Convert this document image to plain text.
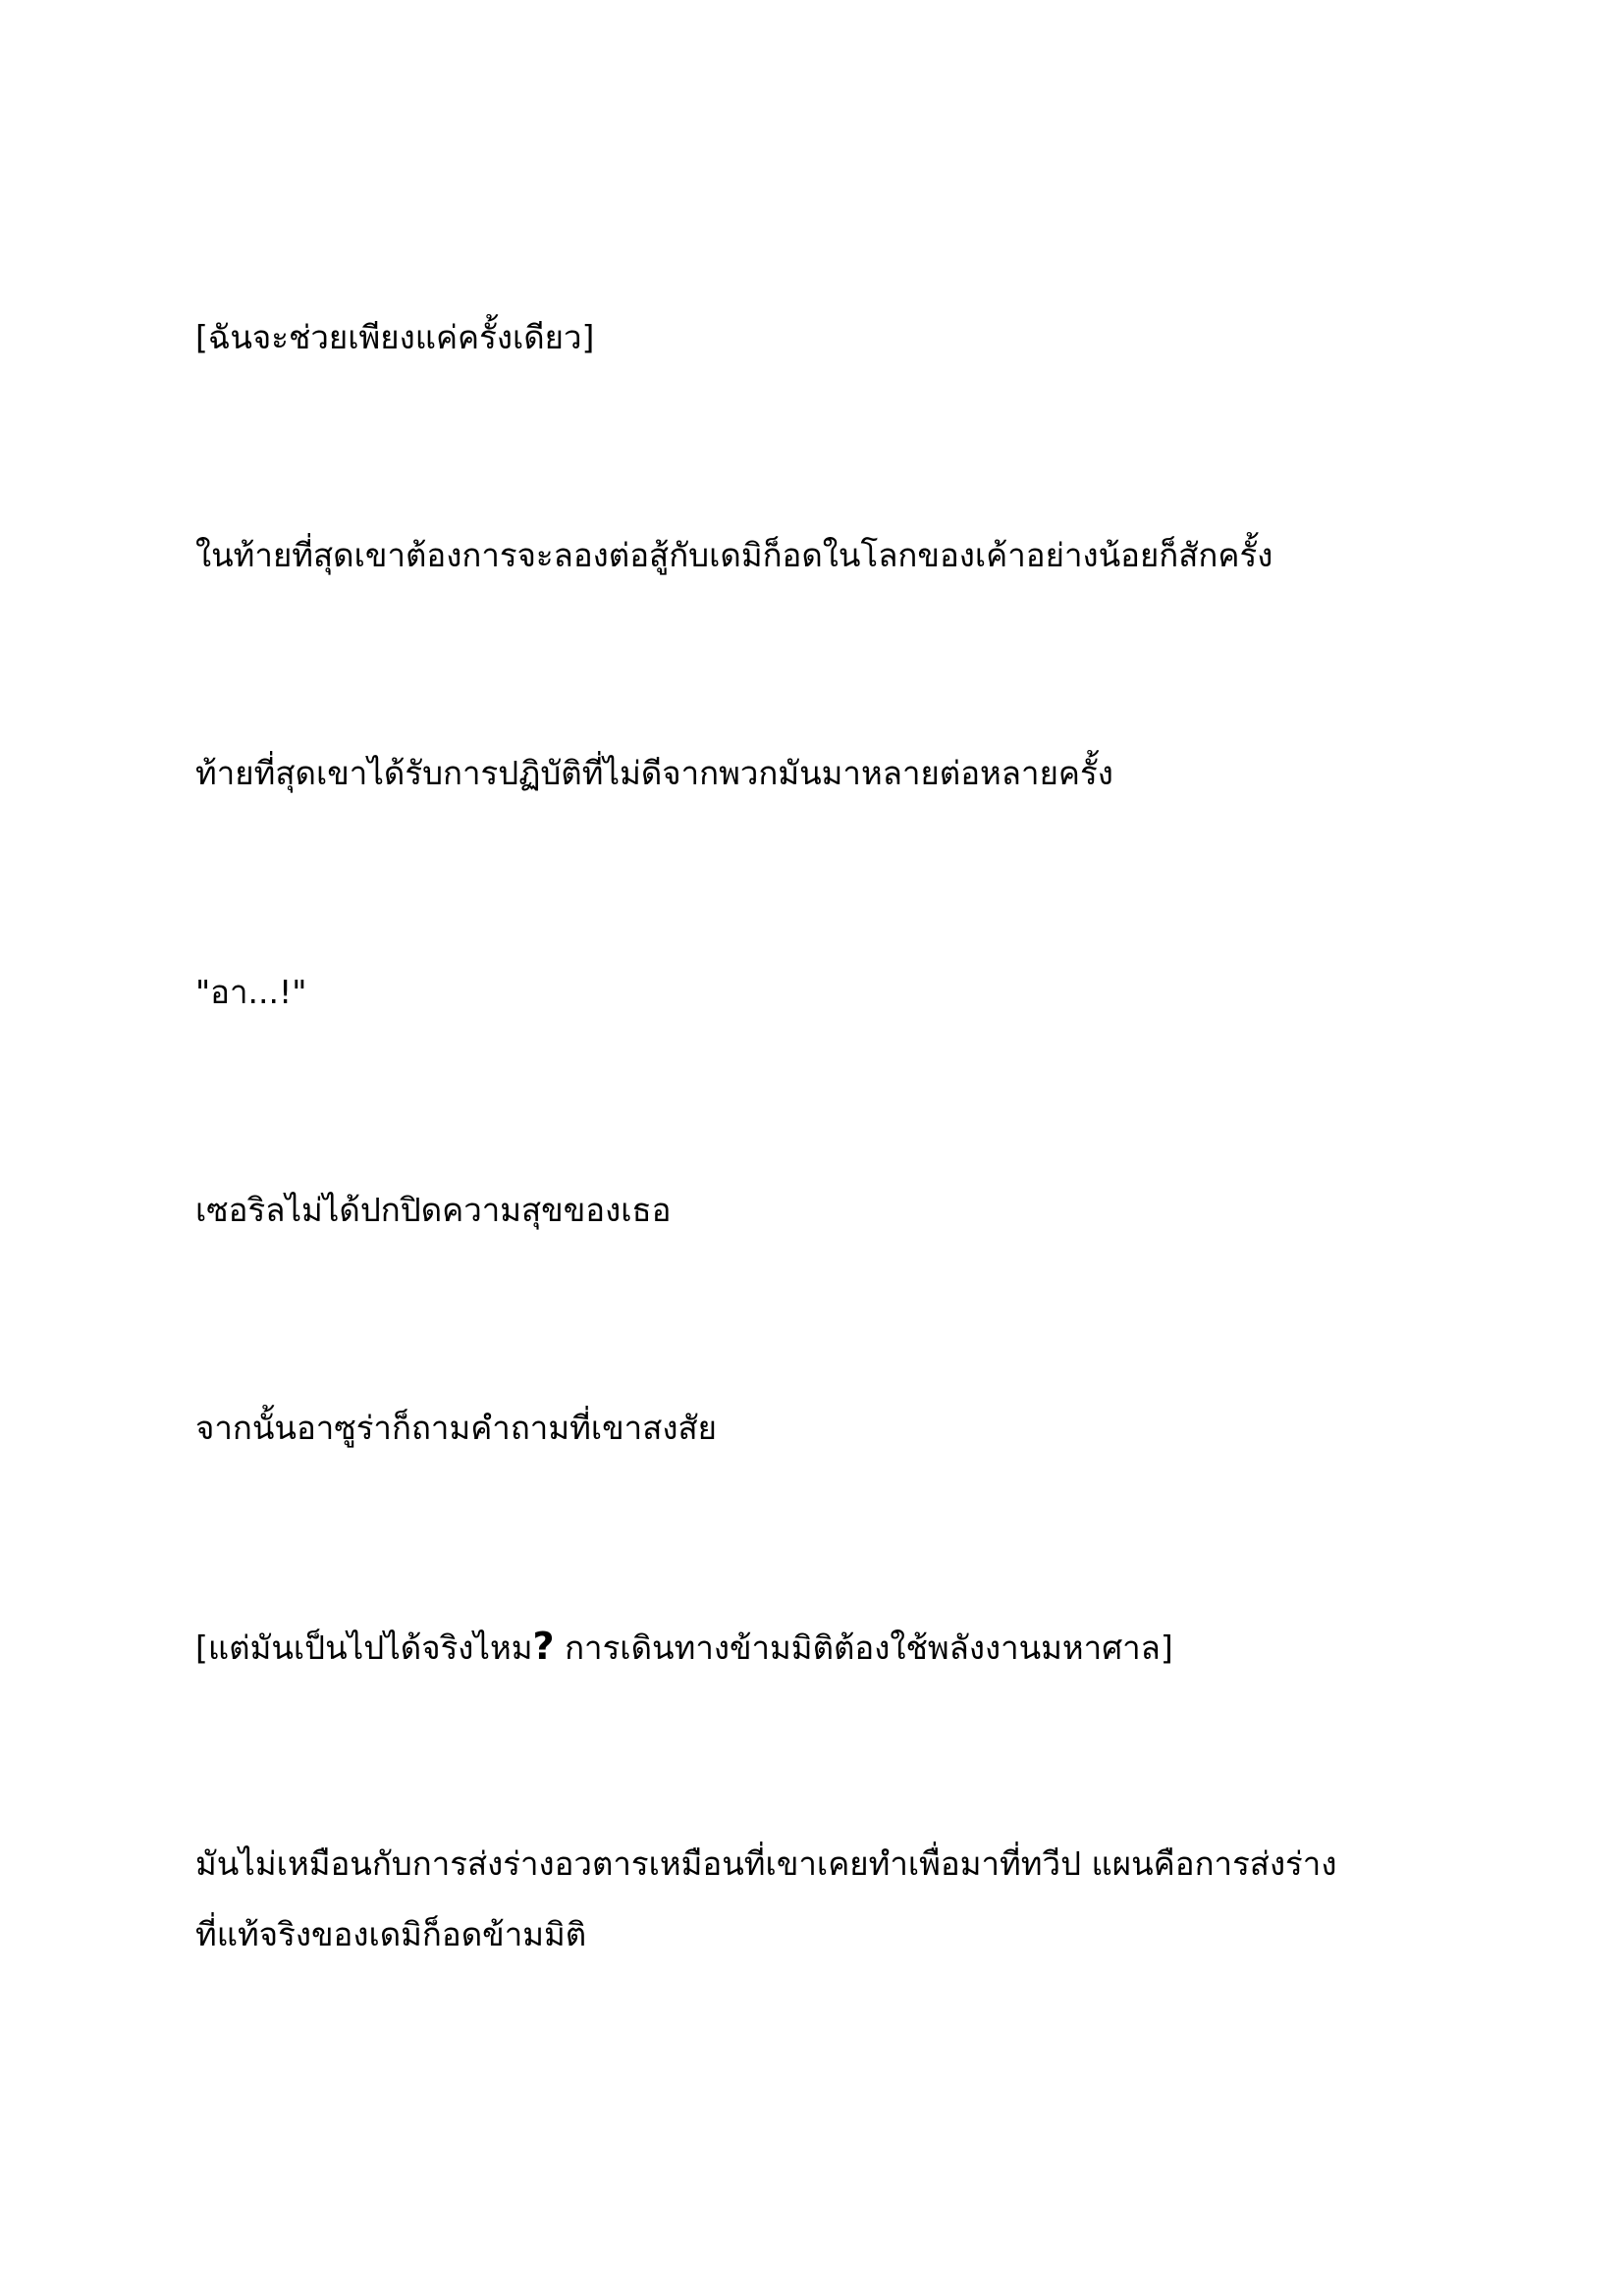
[ฉันจะช่วยเพียงแค่ครั้งเดียว]

ในท้ายที่สุดเขาต้องการจะลองต่อสู้กับเดมิก็อดในโลกของเค้าอย่างน้อยก็สักครั้ง

ท้ายที่สุดเขาได้รับการปฏิบัติที่ไม่ดีจากพวกมันมาหลายต่อหลายครั้ง

"อา...!"

เซอริลไม่ได้ปกปิดความสุขของเธอ

จากนั้นอาซูร่าก็ถามคำถามที่เขาสงสัย

[แต่มันเป็นไปได้จริงไหม? การเดินทางข้ามมิติต้องใช้พลังงานมหาศาล]

มันไม่เหมือนกับการส่งร่างอวตารเหมือนที่เขาเคยทำเพื่อมาที่ทวีป แผนคือการส่งร่าง
ที่แท้จริงของเดมิก็อดข้ามมิติ
